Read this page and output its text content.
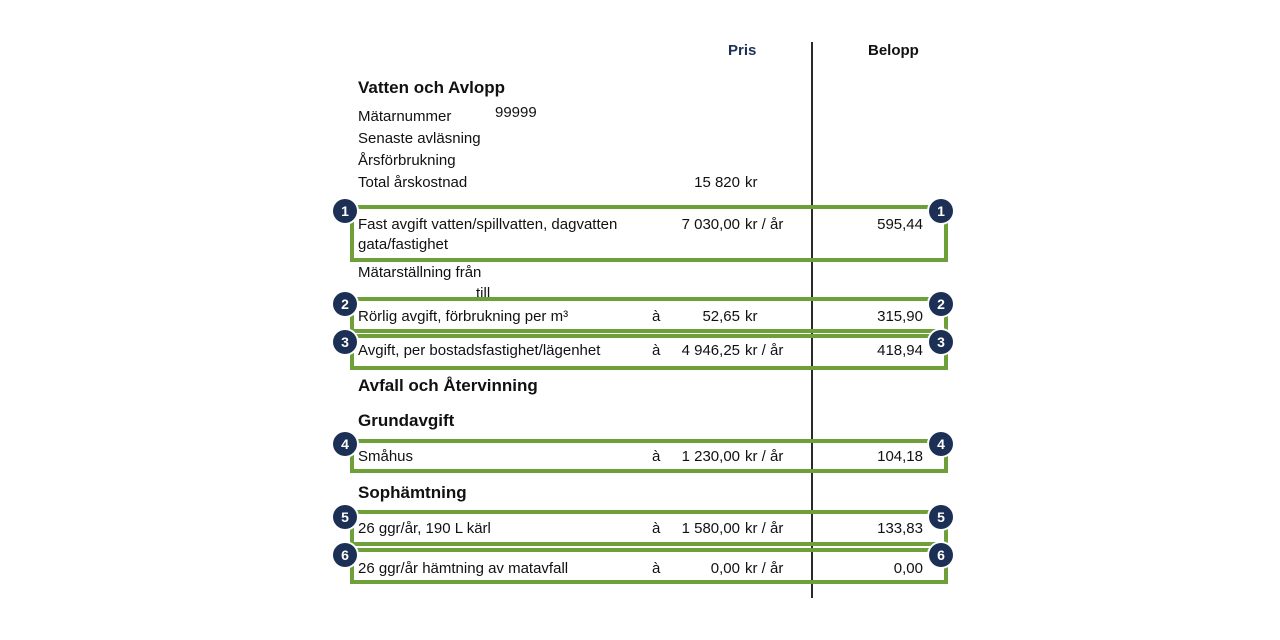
Pris	Belopp
Vatten och Avlopp
Mätarnummer	99999
Senaste avläsning
Årsförbrukning
Total årskostnad	15 820 kr
1	1
Fast avgift vatten/spillvatten, dagvatten
gata/fastighet
7 030,00 kr / år	595,44
Mätarställning från
till
2	2
Rörlig avgift, förbrukning per m³	à	52,65 kr	315,90
3	3
Avgift, per bostadsfastighet/lägenhet	à	4 946,25 kr / år	418,94
Avfall och Återvinning
Grundavgift
4	4
Småhus	à	1 230,00 kr / år	104,18
Sophämtning
5	5
26 ggr/år, 190 L kärl	à	1 580,00 kr / år	133,83
6	6
26 ggr/år hämtning av matavfall	à	0,00 kr / år	0,00
